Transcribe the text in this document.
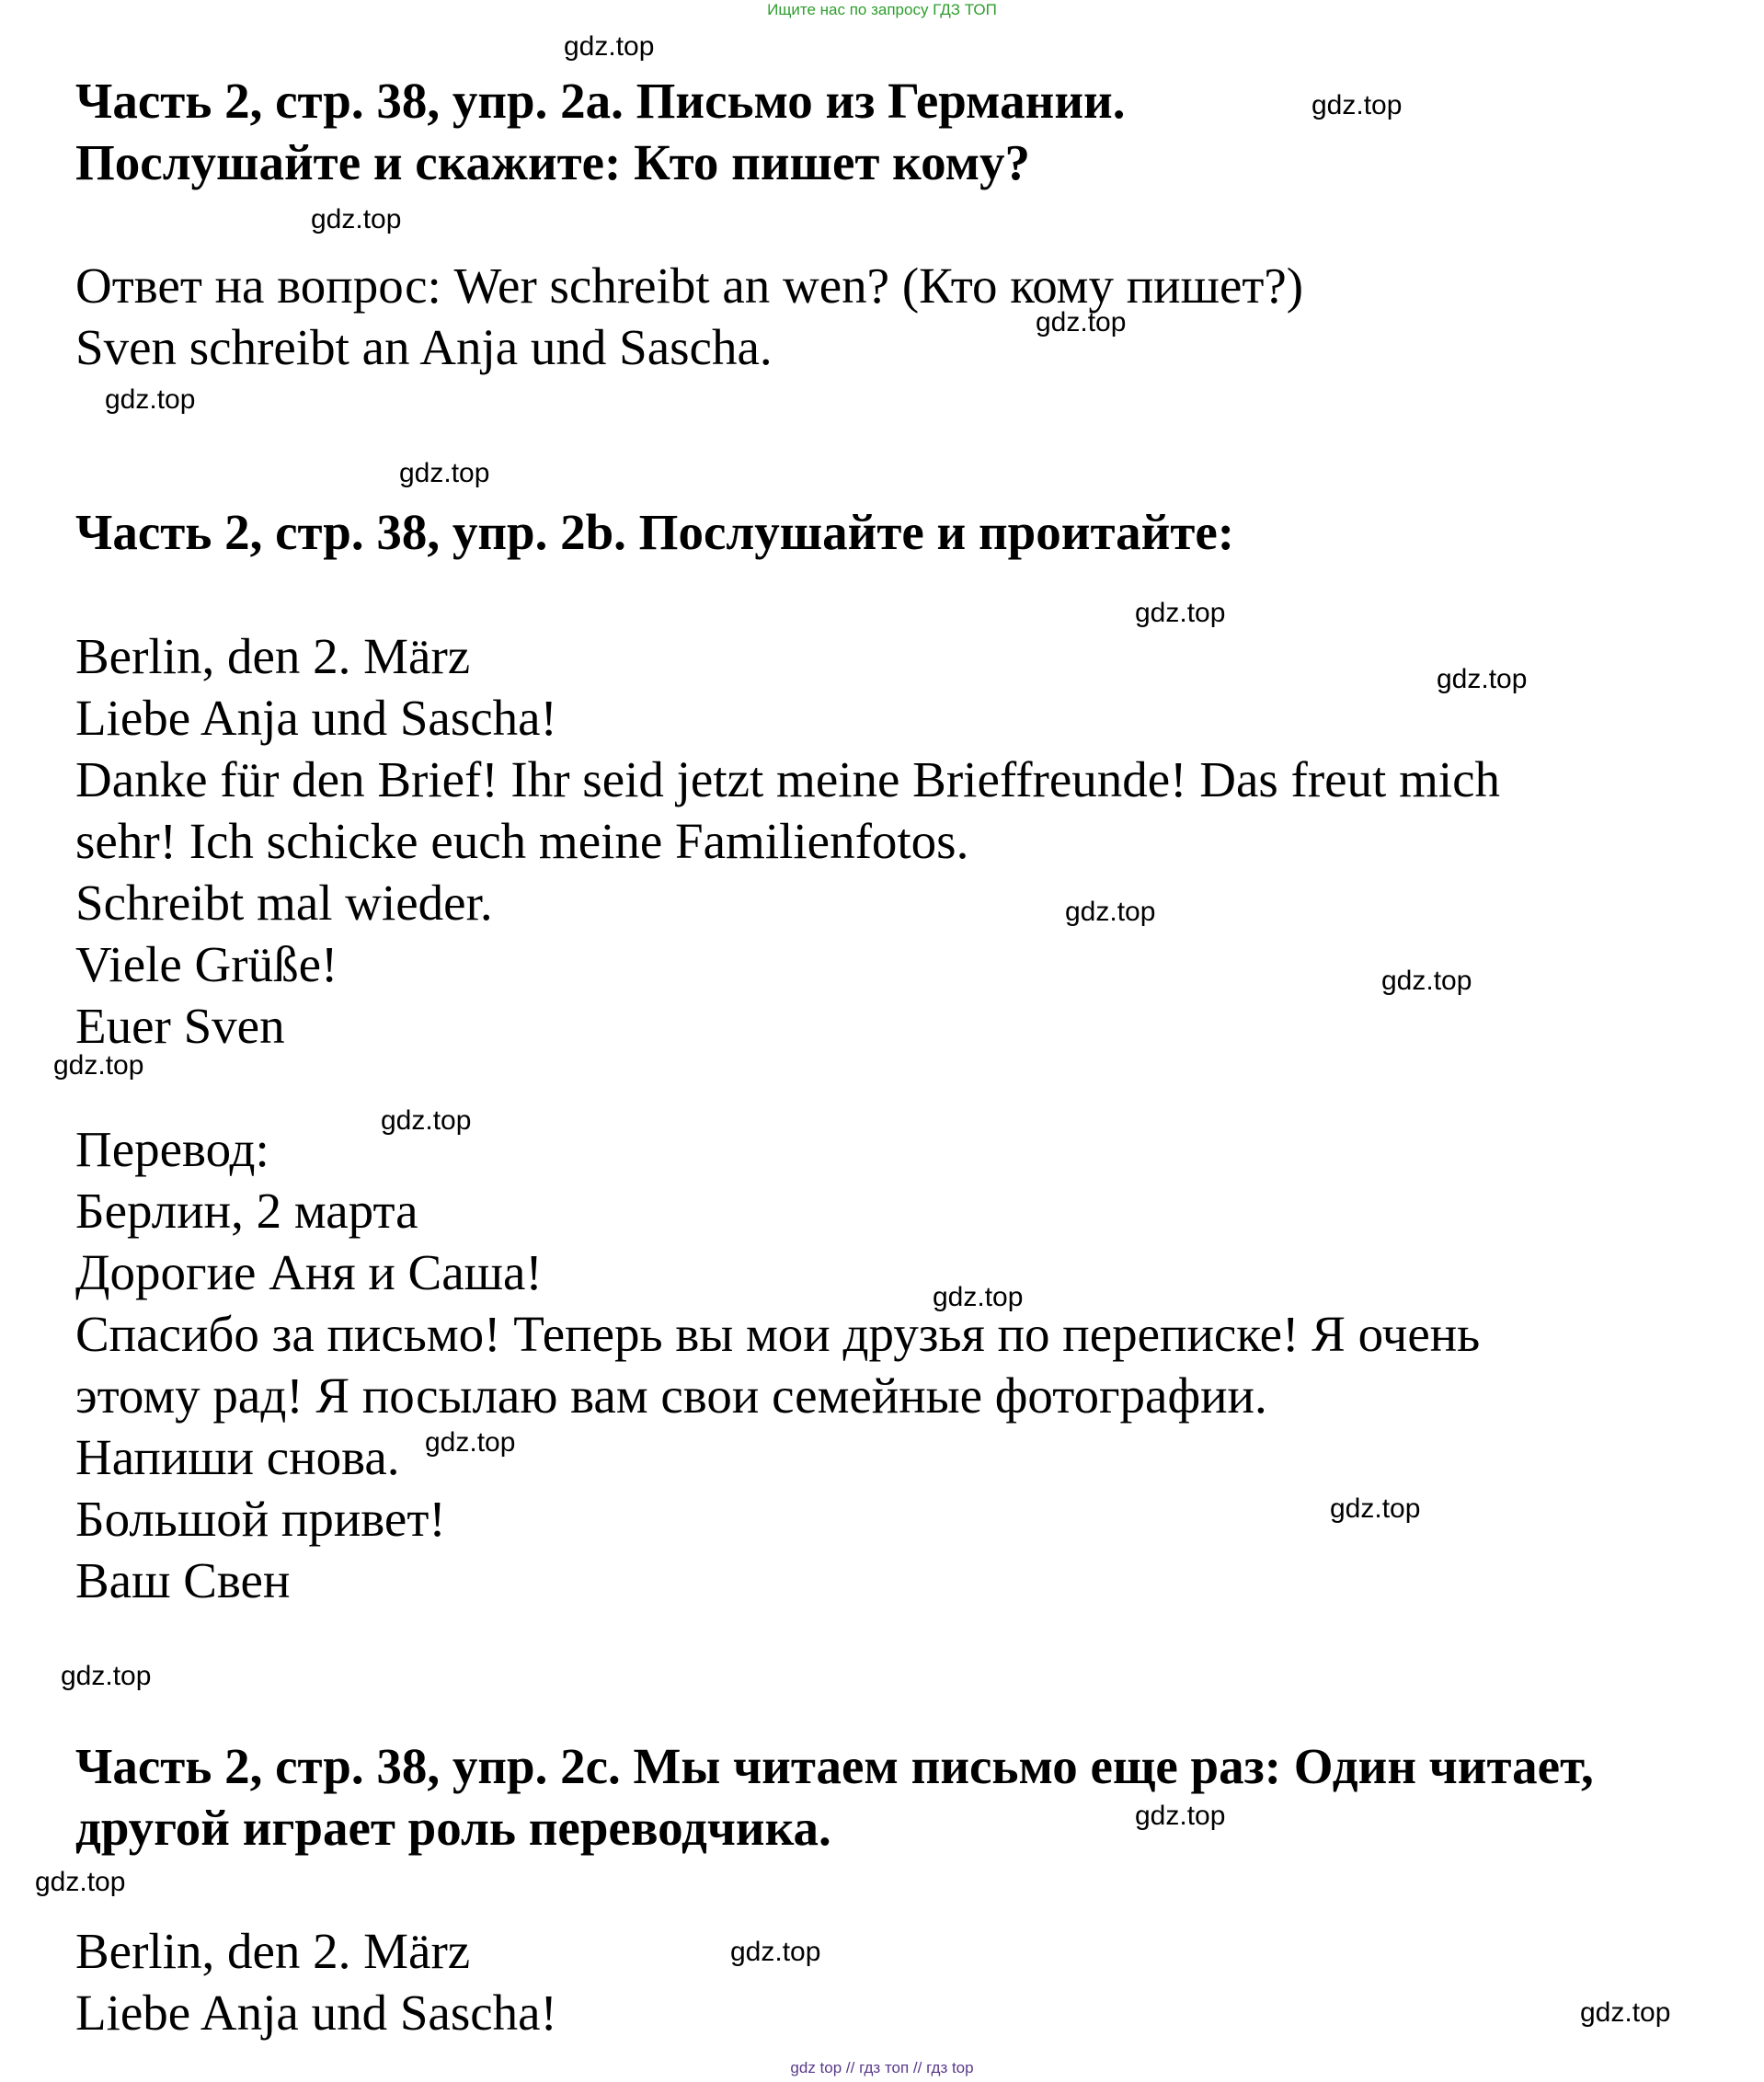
Ищите нас по запросу ГДЗ ТОП
Часть 2, стр. 38, упр. 2а. Письмо из Германии.
Послушайте и скажите: Кто пишет кому?
Ответ на вопрос: Wer schreibt an wen? (Кто кому пишет?)
Sven schreibt an Anja und Sascha.
Часть 2, стр. 38, упр. 2b. Послушайте и проитайте:
Berlin, den 2. März
Liebe Anja und Sascha!
Danke für den Brief! Ihr seid jetzt meine Brieffreunde! Das freut mich
sehr! Ich schicke euch meine Familienfotos.
Schreibt mal wieder.
Viele Grüße!
Euer Sven
Перевод:
Берлин, 2 марта
Дорогие Аня и Саша!
Спасибо за письмо! Теперь вы мои друзья по переписке! Я очень
этому рад! Я посылаю вам свои семейные фотографии.
Напиши снова.
Большой привет!
Ваш Свен
Часть 2, стр. 38, упр. 2с. Мы читаем письмо еще раз: Один читает,
другой играет роль переводчика.
Berlin, den 2. März
Liebe Anja und Sascha!
gdz.top
gdz.top
gdz.top
gdz.top
gdz.top
gdz.top
gdz.top
gdz.top
gdz.top
gdz.top
gdz.top
gdz.top
gdz.top
gdz.top
gdz.top
gdz.top
gdz.top
gdz.top
gdz.top
gdz.top
gdz top // гдз топ // гдз top
